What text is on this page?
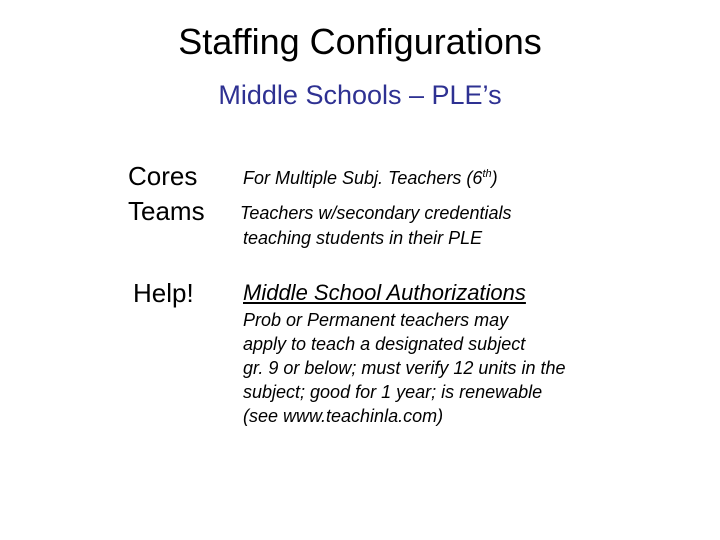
Staffing Configurations
Middle Schools – PLE’s
Cores	For Multiple Subj. Teachers (6th)
Teams Teachers w/secondary credentials
teaching students in their PLE
Help! Middle School Authorizations
Prob or Permanent teachers may
apply to teach a designated subject
gr. 9 or below; must verify 12 units in the
subject; good for 1 year; is renewable
(see www.teachinla.com)
